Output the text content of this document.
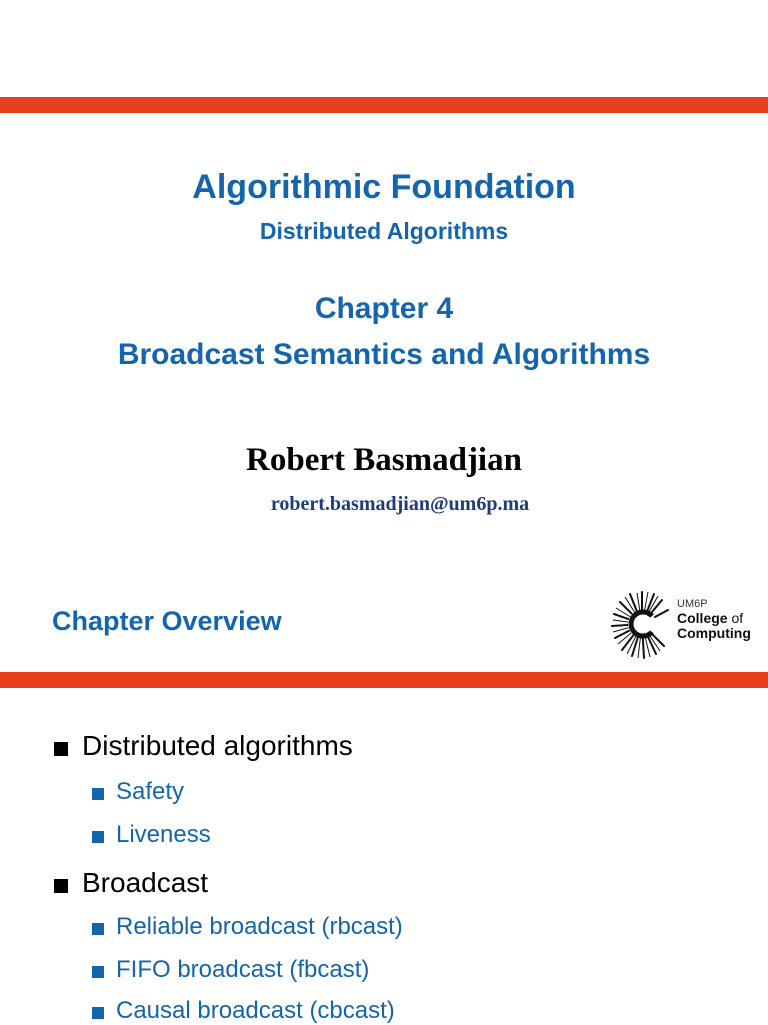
Algorithmic Foundation
Distributed Algorithms
Chapter 4
Broadcast Semantics and Algorithms
Robert Basmadjian
robert.basmadjian@um6p.ma
Chapter Overview
UM6P
College of
Computing
Distributed algorithms
Safety
Liveness
Broadcast
Reliable broadcast (rbcast)
FIFO broadcast (fbcast)
Causal broadcast (cbcast)
